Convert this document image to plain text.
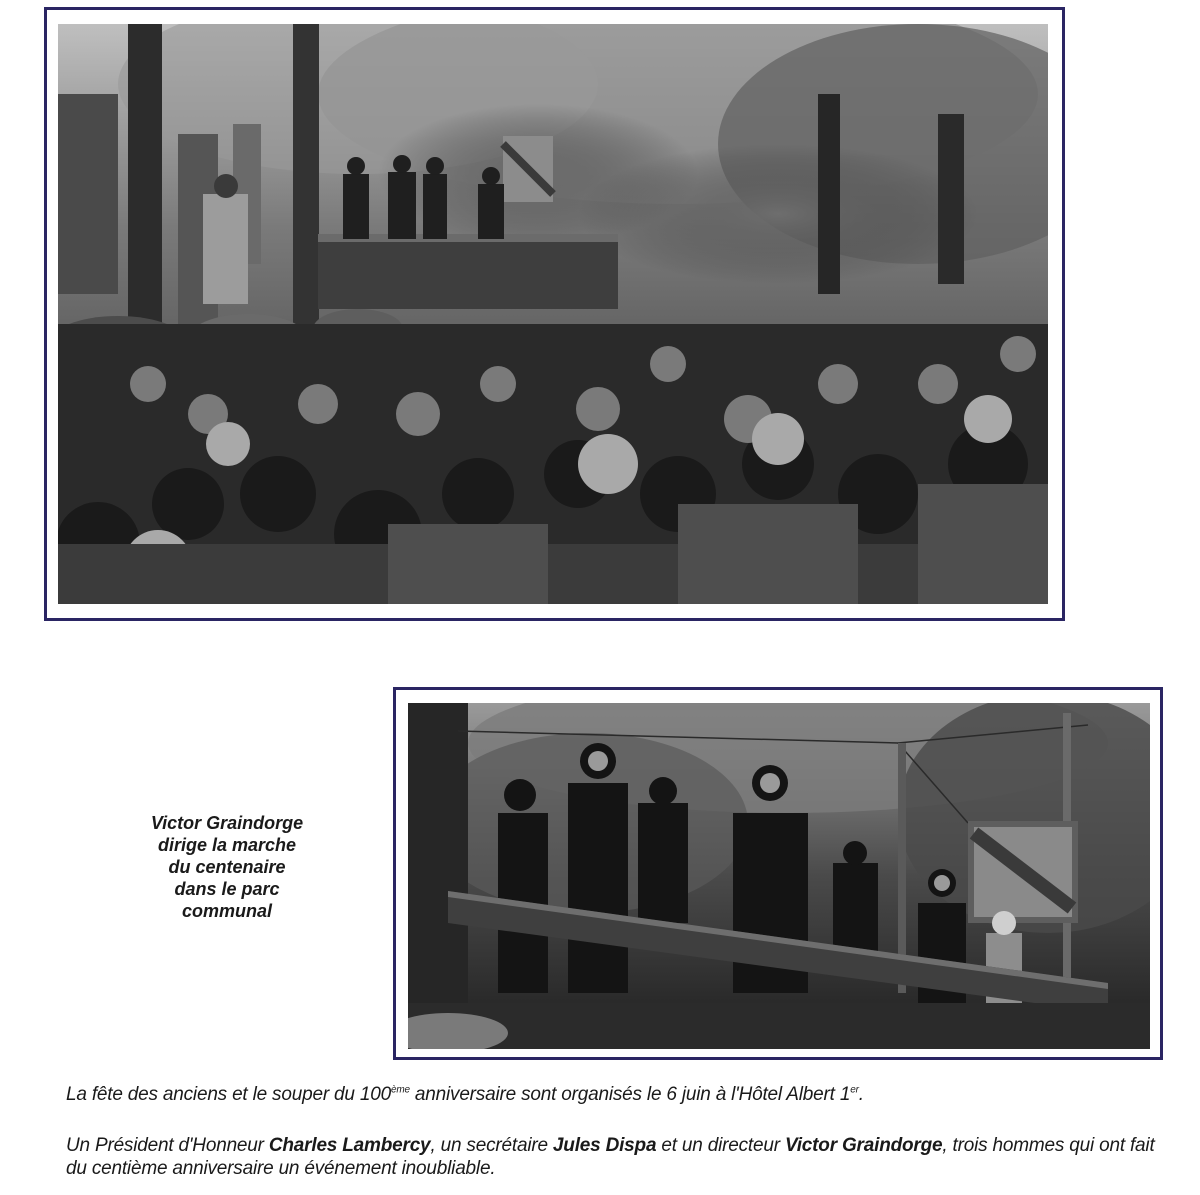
Victor Graindorge
dirige la marche
du centenaire
dans le parc
communal

La fête des anciens et le souper du 100ème anniversaire sont organisés le 6 juin à l'Hôtel Albert 1er.

Un Président d'Honneur Charles Lambercy, un secrétaire Jules Dispa et un directeur Victor Graindorge, trois hommes qui ont fait du centième anniversaire un événement inoubliable.
